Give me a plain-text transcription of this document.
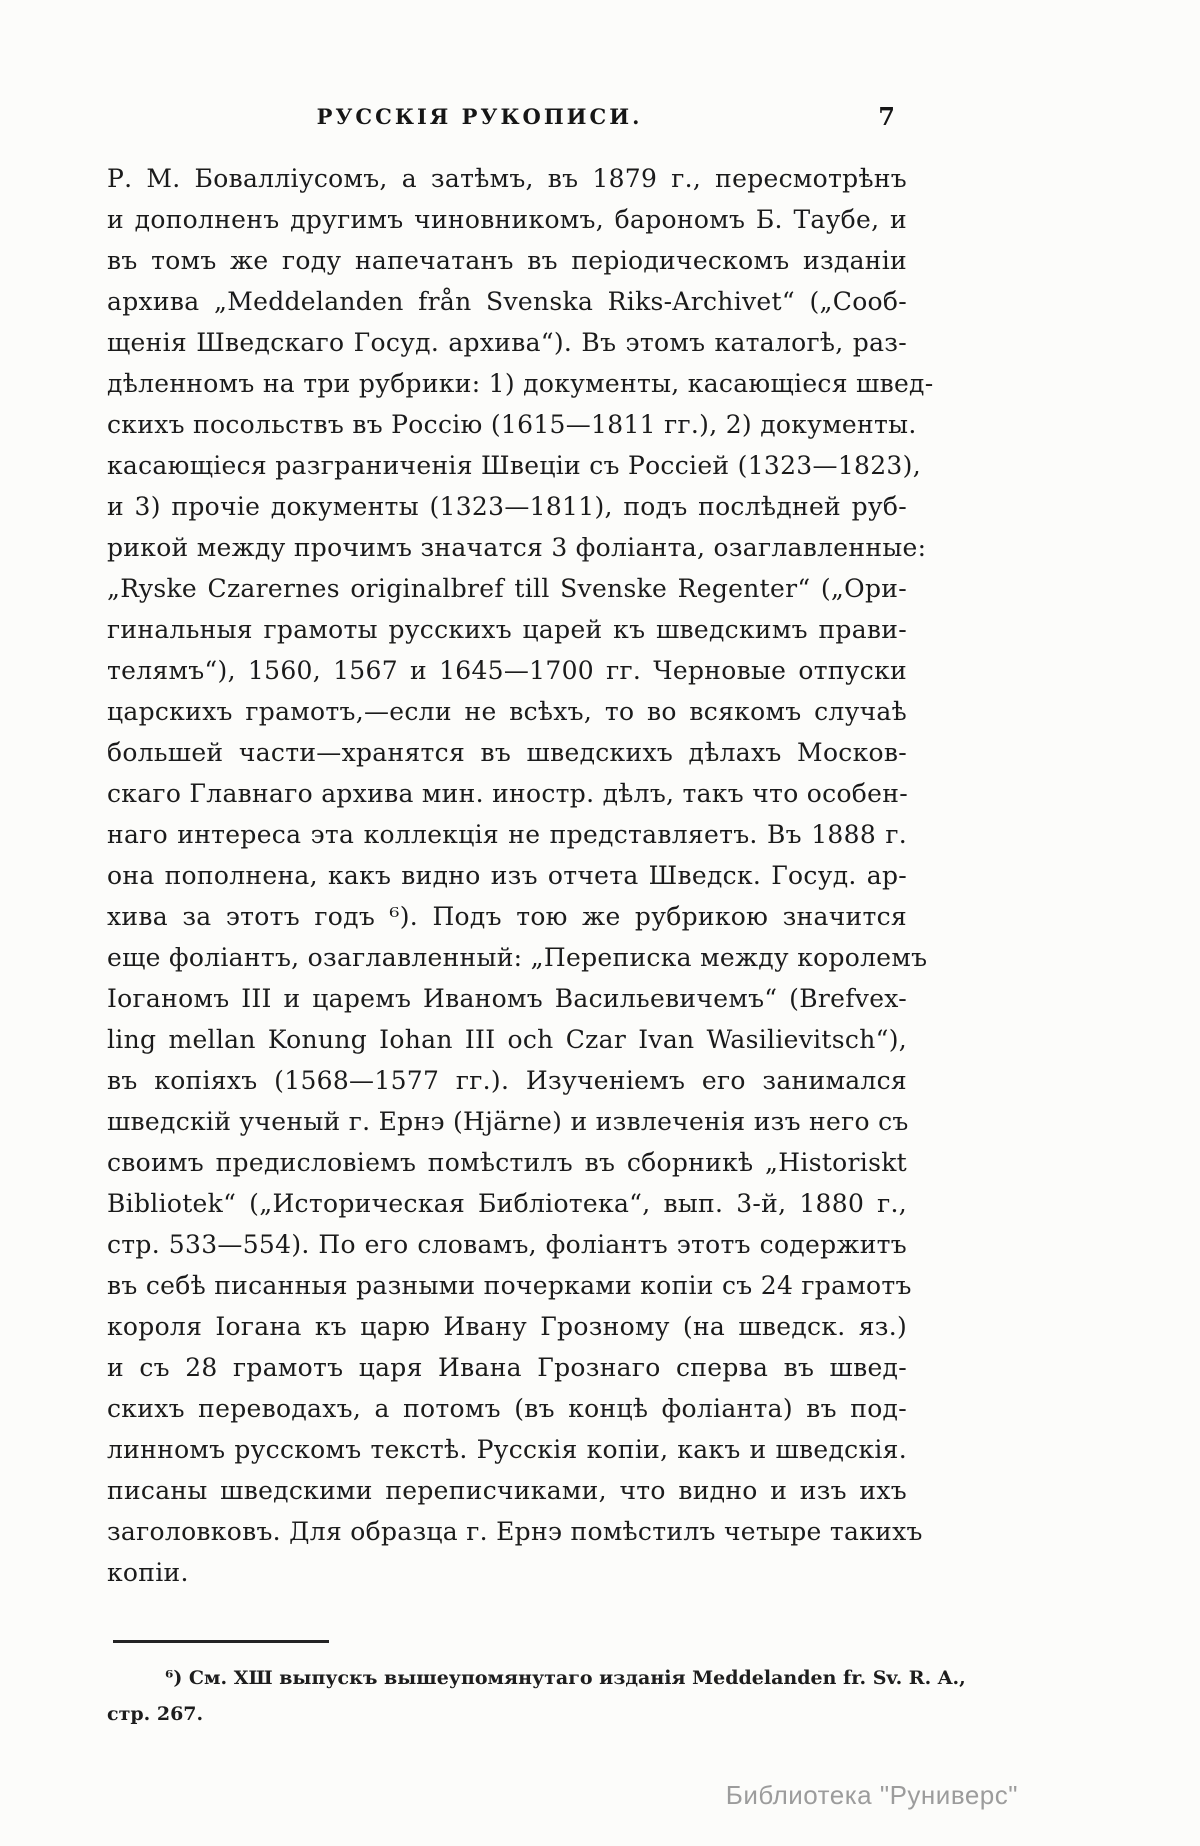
РУССКІЯ РУКОПИСИ.	7
Р. М. Бовалліусомъ, а затѣмъ, въ 1879 г., пересмотрѣнъ
и дополненъ другимъ чиновникомъ, барономъ Б. Таубе, и
въ томъ же году напечатанъ въ періодическомъ изданіи
архива „Meddelanden från Svenska Riks-Archivet“ („Сооб-
щенія Шведскаго Госуд. архива“). Въ этомъ каталогѣ, раз-
дѣленномъ на три рубрики: 1) документы, касающіеся швед-
скихъ посольствъ въ Россію (1615—1811 гг.), 2) документы.
касающіеся разграниченія Швеціи съ Россіей (1323—1823),
и 3) прочіе документы (1323—1811), подъ послѣдней руб-
рикой между прочимъ значатся 3 фоліанта, озаглавленные:
„Ryske Czarernes originalbref till Svenske Regenter“ („Ори-
гинальныя грамоты русскихъ царей къ шведскимъ прави-
телямъ“), 1560, 1567 и 1645—1700 гг. Черновые отпуски
царскихъ грамотъ,—если не всѣхъ, то во всякомъ случаѣ
большей части—хранятся въ шведскихъ дѣлахъ Москов-
скаго Главнаго архива мин. иностр. дѣлъ, такъ что особен-
наго интереса эта коллекція не представляетъ. Въ 1888 г.
она пополнена, какъ видно изъ отчета Шведск. Госуд. ар-
хива за этотъ годъ ⁶). Подъ тою же рубрикою значится
еще фоліантъ, озаглавленный: „Переписка между королемъ
Іоганомъ III и царемъ Иваномъ Васильевичемъ“ (Brefvex-
ling mellan Konung Iohan III och Czar Ivan Wasilievitsch“),
въ копіяхъ (1568—1577 гг.). Изученіемъ его занимался
шведскій ученый г. Ернэ (Hjärne) и извлеченія изъ него съ
своимъ предисловіемъ помѣстилъ въ сборникѣ „Historiskt
Bibliotek“ („Историческая Библіотека“, вып. 3-й, 1880 г.,
стр. 533—554). По его словамъ, фоліантъ этотъ содержитъ
въ себѣ писанныя разными почерками копіи съ 24 грамотъ
короля Іогана къ царю Ивану Грозному (на шведск. яз.)
и съ 28 грамотъ царя Ивана Грознаго сперва въ швед-
скихъ переводахъ, а потомъ (въ концѣ фоліанта) въ под-
линномъ русскомъ текстѣ. Русскія копіи, какъ и шведскія.
писаны шведскими переписчиками, что видно и изъ ихъ
заголовковъ. Для образца г. Ернэ помѣстилъ четыре такихъ
копіи.
⁶) См. XШ выпускъ вышеупомянутаго изданія Meddelanden fr. Sv. R. A.,
стр. 267.
Библиотека "Руниверс"
